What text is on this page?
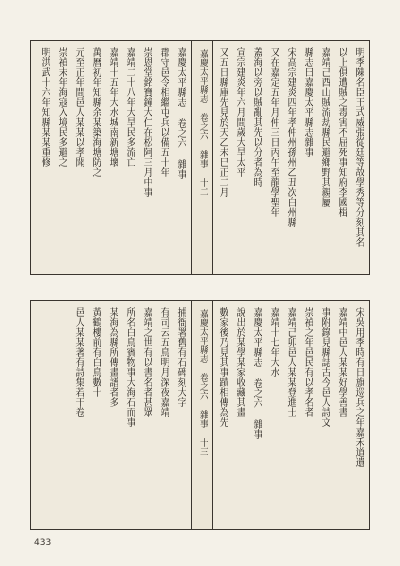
嘉慶太平縣志 卷之六 雜事 十二	明季陳名臣王式威張從廷等故學秀等分刻其名
以上俱遭賊之毒害不屈死事知府李國楫
嘉靖己酉山賊流劫縣民避鄉野其親屬
縣志曰嘉慶太平縣志雜事
宋高宗建炎四年孝仲州孫州乙丑次白州縣
又在嘉定五年月仲三日丙午至龍學聖年
蓋海以旁以賊亂其先以分者為時
宣宗建炎年六月間歲大旱太平
又五日縣庫先見於天乙未巳正二月
嘉慶太平縣志 卷之六 雜事
郡守邑令相繼屯兵以備五十年
崇恩堂銘寶鐘大仁在松阿三月中事
嘉靖二十八年大旱民多流亡
嘉靖十五年大水城南新塘壞
萬曆初年知縣余某築海塘防之
元至正年間邑人某某以孝聞
崇禎末年海寇入境民多避之
明洪武十六年知縣某某重修
嘉慶太平縣志 卷之六 雜事 十三	宋吳用季時有日旗巡兵之年嘉禾道遺
嘉靖中邑人某某好學善書
事附錄見縣誌古今邑人詩文
崇禎之年邑民有以孝名者
嘉靖己卯邑人某某登進士
嘉靖十七年大水
嘉慶太平縣志 卷之六 雜事
說出於某學某家收藏其畫
數家後乃見其事蹟相傳為先
捕衙署舊有石碑刻大字
有司云五鳥明月深夜嘉靖
嘉靖之世有以書名者甚眾
所名白鳥賓物事大海石而事
某海為縣所傳畫譜者多
黃鶴樓前有白鳥數十
邑人某某著有詩集若干卷
433
